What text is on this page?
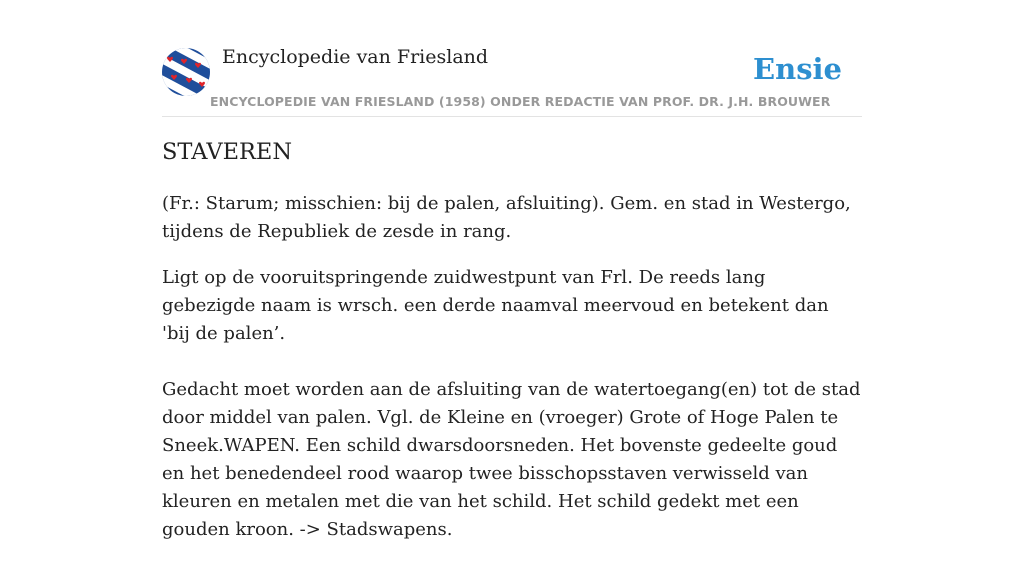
Encyclopedie van Friesland
ENCYCLOPEDIE VAN FRIESLAND (1958) ONDER REDACTIE VAN PROF. DR. J.H. BROUWER
Ensie
STAVEREN

(Fr.: Starum; misschien: bij de palen, afsluiting). Gem. en stad in Westergo, tijdens de Republiek de zesde in rang.

Ligt op de vooruitspringende zuidwestpunt van Frl. De reeds lang gebezigde naam is wrsch. een derde naamval meervoud en betekent dan 'bij de palen’.

Gedacht moet worden aan de afsluiting van de watertoegang(en) tot de stad door middel van palen. Vgl. de Kleine en (vroeger) Grote of Hoge Palen te Sneek.WAPEN. Een schild dwarsdoorsneden. Het bovenste gedeelte goud en het benedendeel rood waarop twee bisschopsstaven verwisseld van kleuren en metalen met die van het schild. Het schild gedekt met een gouden kroon. -> Stadswapens.
